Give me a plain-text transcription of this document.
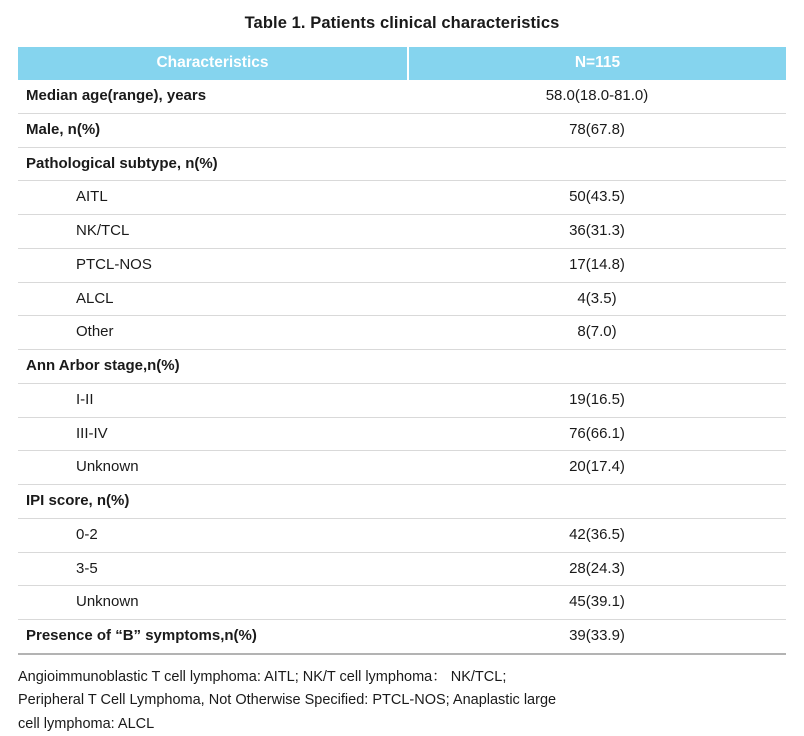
Table 1. Patients clinical characteristics
Characteristics	N=115
Median age(range), years	58.0(18.0-81.0)
Male, n(%)	78(67.8)
Pathological subtype, n(%)	
AITL	50(43.5)
NK/TCL	36(31.3)
PTCL-NOS	17(14.8)
ALCL	4(3.5)
Other	8(7.0)
Ann Arbor stage,n(%)	
I-II	19(16.5)
III-IV	76(66.1)
Unknown	20(17.4)
IPI score, n(%)	
0-2	42(36.5)
3-5	28(24.3)
Unknown	45(39.1)
Presence of “B” symptoms,n(%)	39(33.9)
Angioimmunoblastic T cell lymphoma: AITL; NK/T cell lymphoma： NK/TCL;
Peripheral T Cell Lymphoma, Not Otherwise Specified: PTCL-NOS; Anaplastic large
cell lymphoma: ALCL
